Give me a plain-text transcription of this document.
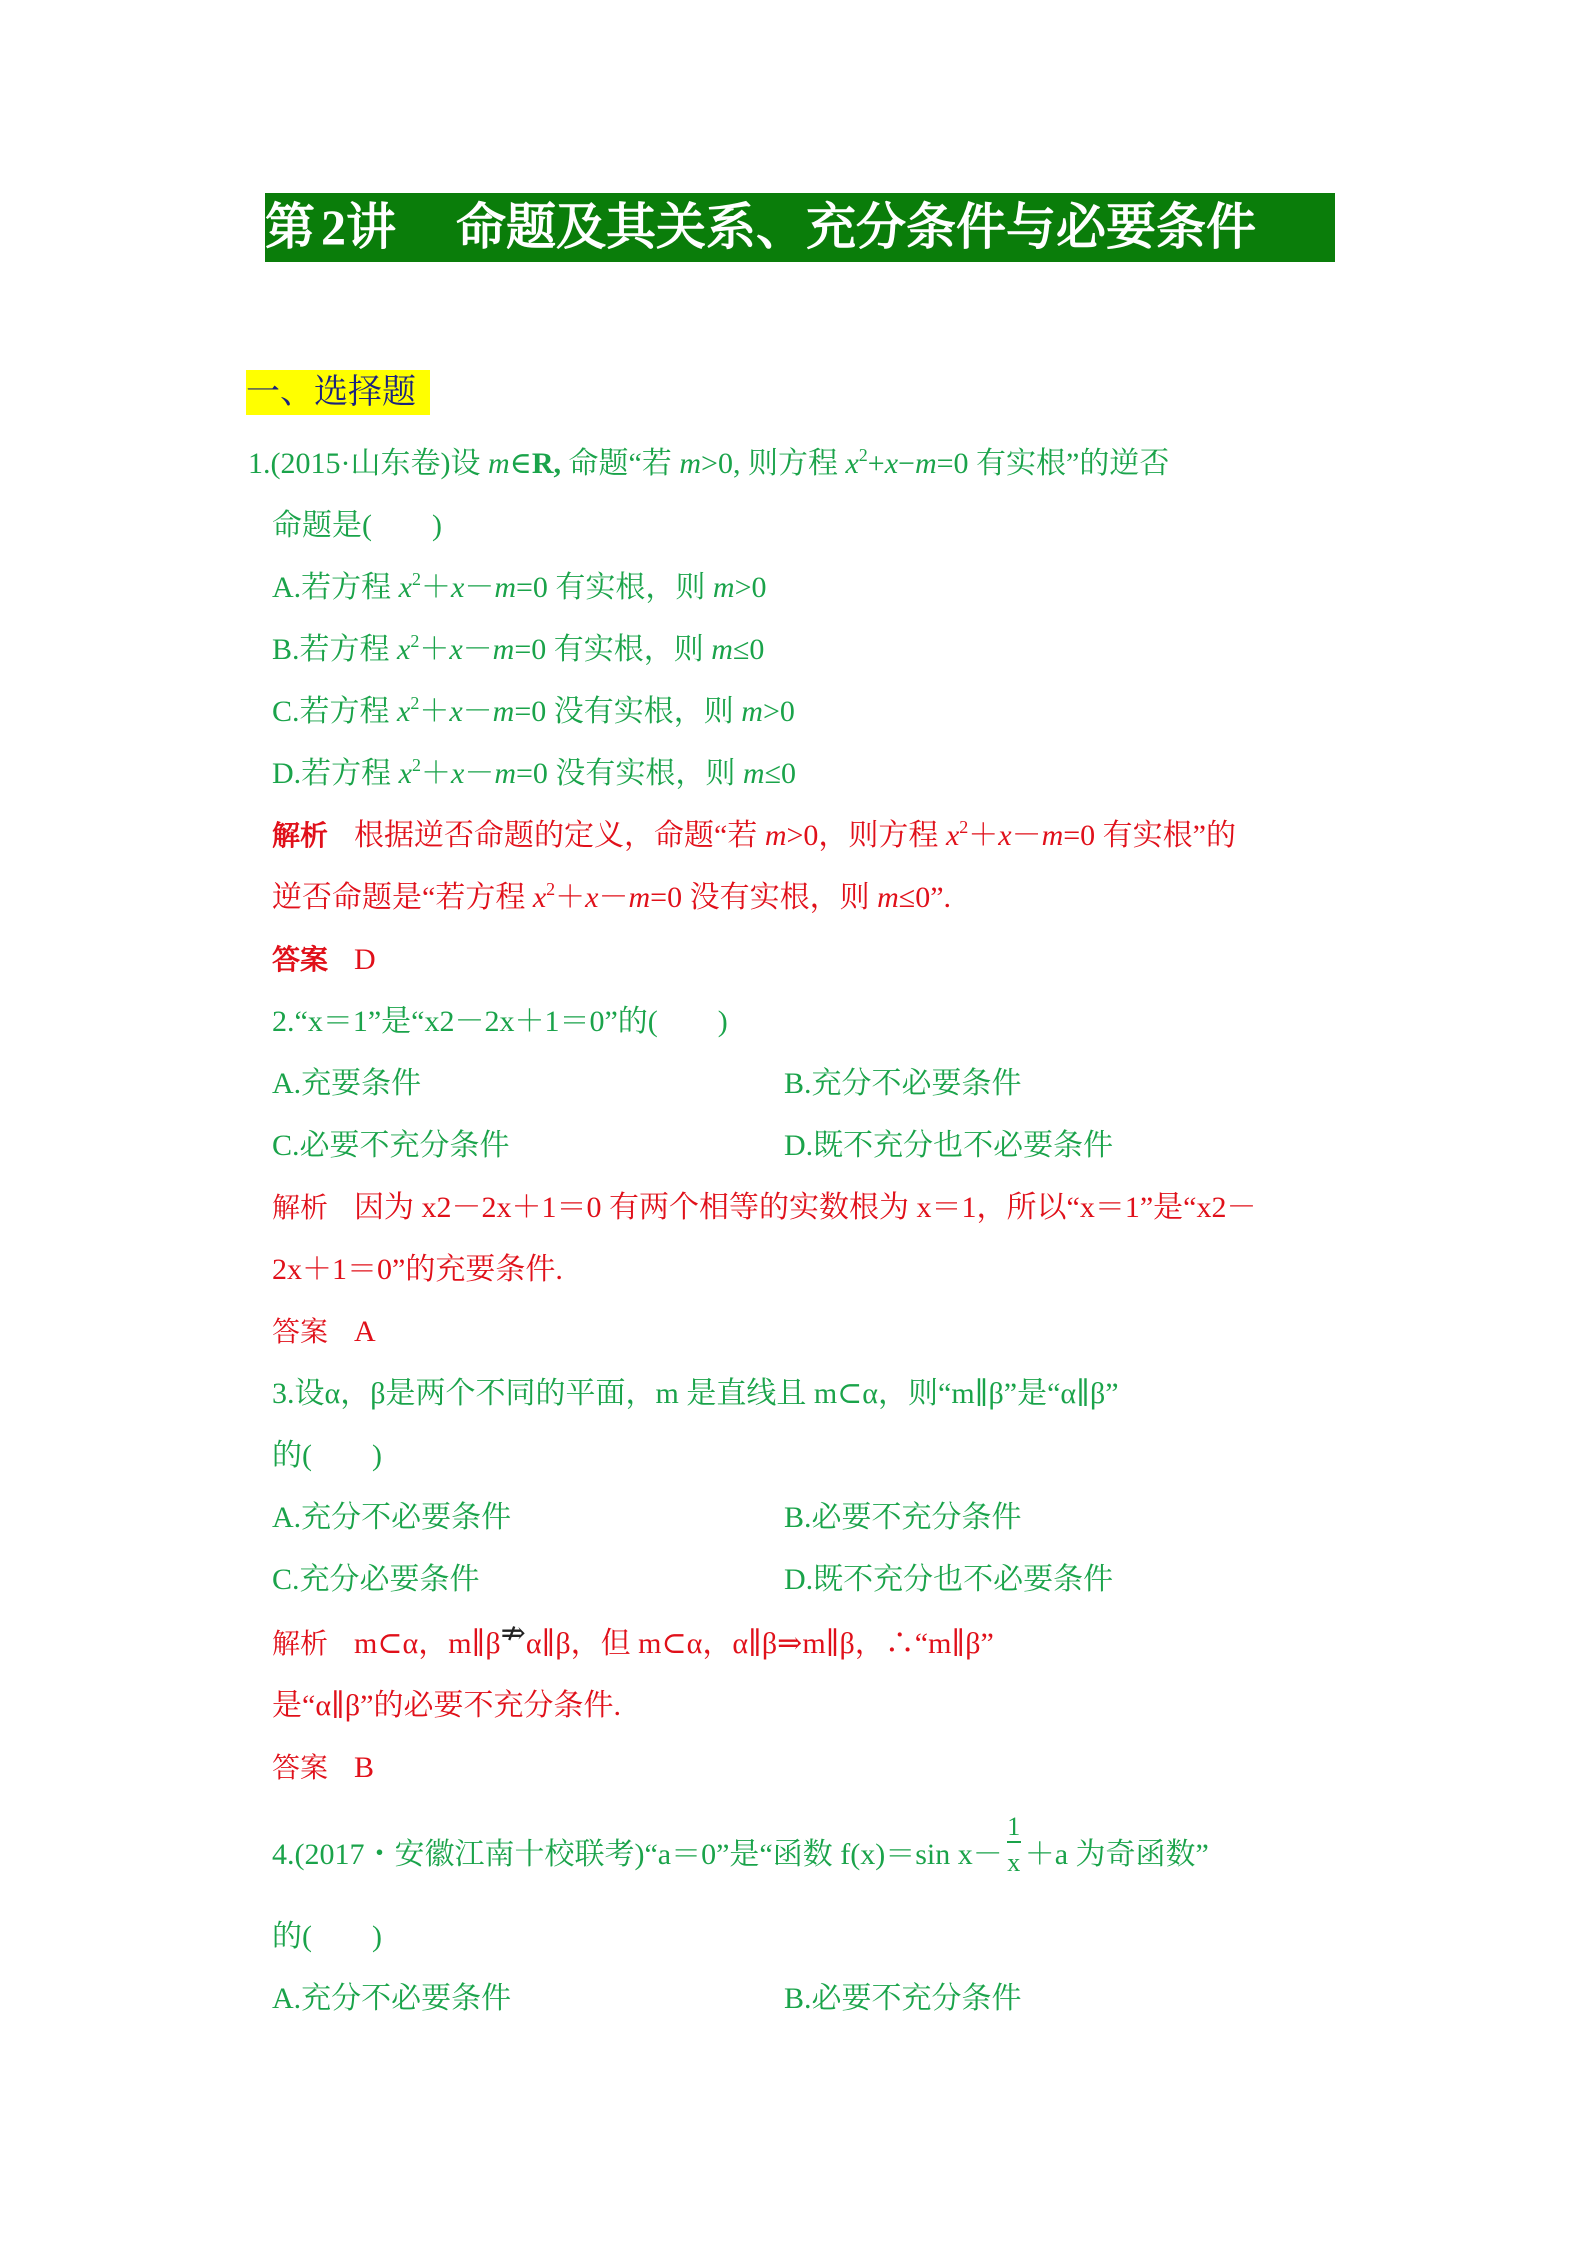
第 2讲 命题及其关系、充分条件与必要条件
一、选择题
1.(2015·山东卷)设 m∈R, 命题“若 m>0, 则方程 $x^2+x-m=0$ 有实根”的逆否
命题是(　　)
A.若方程 $x^2+x-m=0$ 有实根，则 m>0
B.若方程 $x^2+x-m=0$ 有实根，则 m≤0
C.若方程 $x^2+x-m=0$ 没有实根，则 m>0
D.若方程 $x^2+x-m=0$ 没有实根，则 m≤0
解析 根据逆否命题的定义，命题“若 m>0，则方程 $x^2+x-m=0$ 有实根”的
逆否命题是“若方程 $x^2+x-m=0$ 没有实根，则 m≤0”.
答案 D
2.“x＝1”是“x2－2x＋1＝0”的(　　)
A.充要条件	B.充分不必要条件
C.必要不充分条件	D.既不充分也不必要条件
解析 因为 x2－2x＋1＝0 有两个相等的实数根为 x＝1，所以“x＝1”是“x2－
2x＋1＝0”的充要条件.
答案 A
3.设α，β是两个不同的平面，m 是直线且 m⊂α，则“m∥β”是“α∥β”
的(　　)
A.充分不必要条件	B.必要不充分条件
C.充分必要条件	D.既不充分也不必要条件
解析 m⊂α，m∥β⇏α∥β，但 m⊂α，α∥β⇒m∥β，∴“m∥β”
是“α∥β”的必要不充分条件.
答案 B
4.(2017・安徽江南十校联考)“a＝0”是“函数 f(x)＝sin $x- \frac{1}{x} +a$ 为奇函数”
的(　　)
A.充分不必要条件	B.必要不充分条件
